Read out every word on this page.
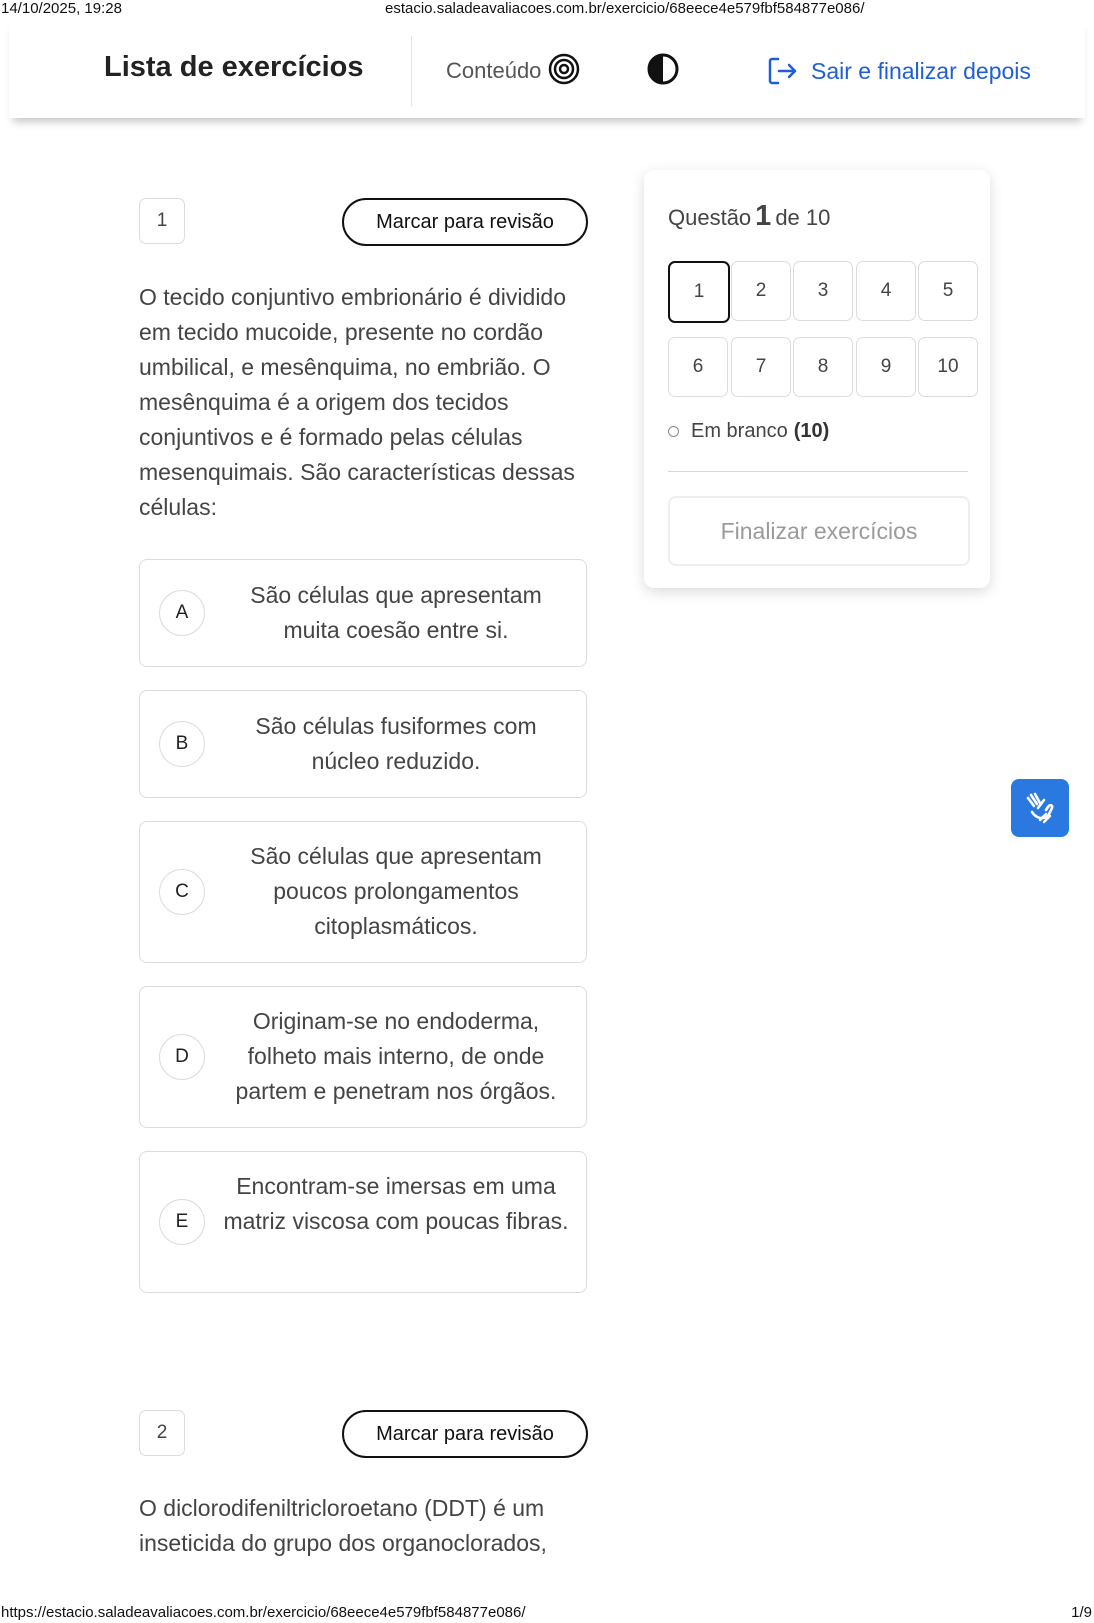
14/10/2025, 19:28	estacio.saladeavaliacoes.com.br/exercicio/68eece4e579fbf584877e086/
Lista de exercícios	Conteúdo	Sair e finalizar depois
1	Marcar para revisão
O tecido conjuntivo embrionário é dividido em tecido mucoide, presente no cordão umbilical, e mesênquima, no embrião. O mesênquima é a origem dos tecidos conjuntivos e é formado pelas células mesenquimais. São características dessas células:
A
São células que apresentam muita coesão entre si.
B
São células fusiformes com núcleo reduzido.
C
São células que apresentam poucos prolongamentos citoplasmáticos.
D
Originam-se no endoderma, folheto mais interno, de onde partem e penetram nos órgãos.
E
Encontram-se imersas em uma matriz viscosa com poucas fibras.
2	Marcar para revisão
O diclorodifeniltricloroetano (DDT) é um inseticida do grupo dos organoclorados,
Questão 1 de 10
1	2	3	4	5
6	7	8	9	10
Em branco (10)
Finalizar exercícios
https://estacio.saladeavaliacoes.com.br/exercicio/68eece4e579fbf584877e086/	1/9
